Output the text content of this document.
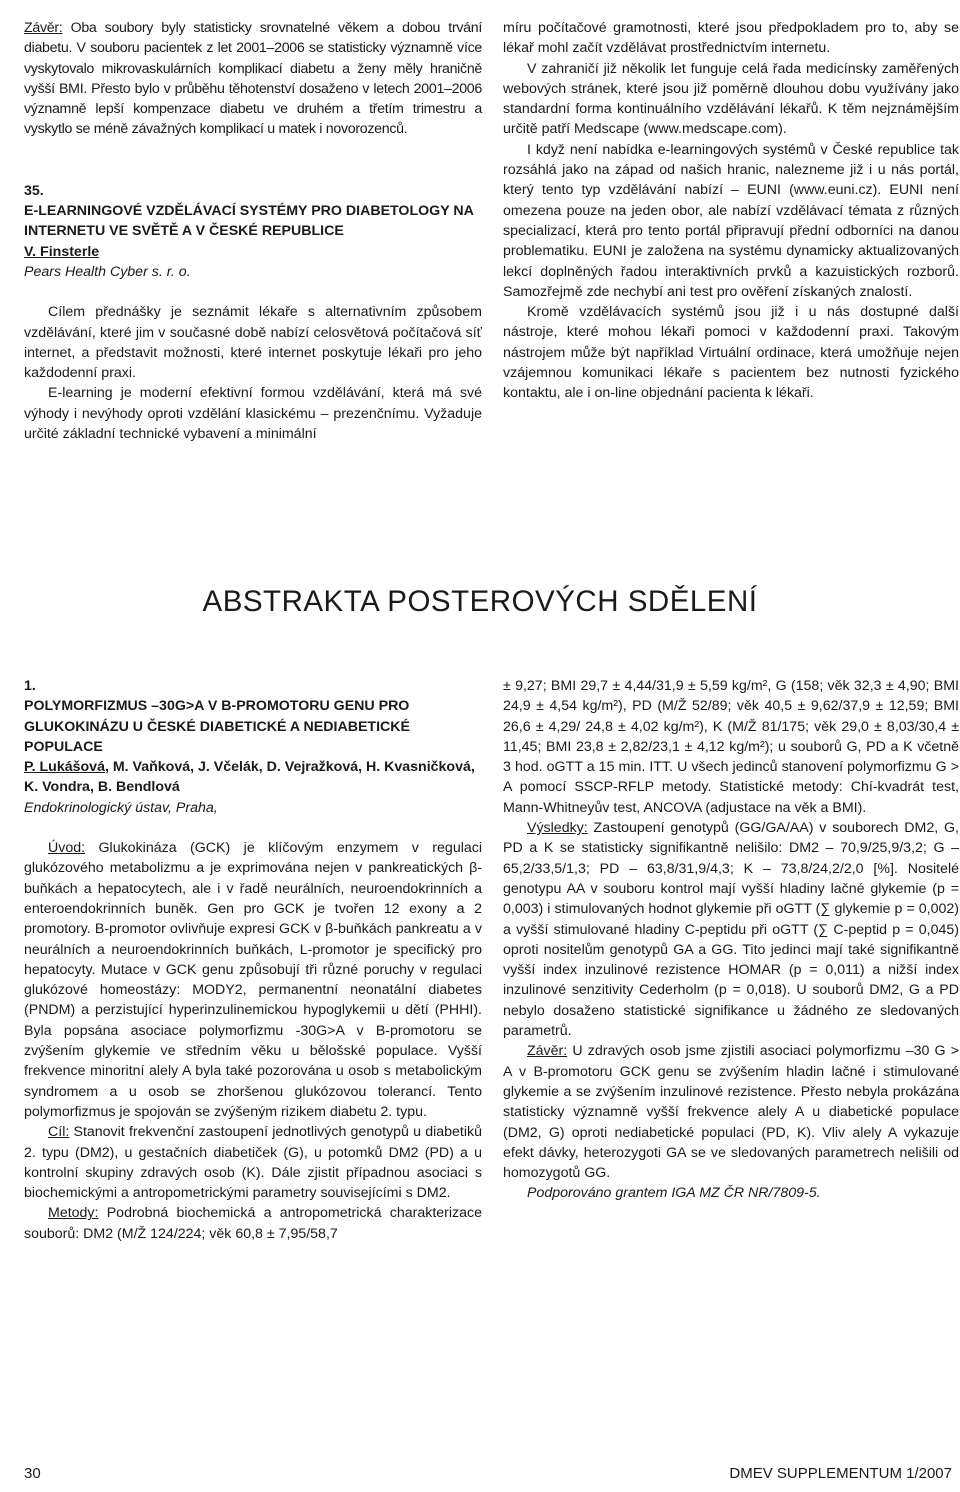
Závěr: Oba soubory byly statisticky srovnatelné věkem a dobou trvání diabetu. V souboru pacientek z let 2001–2006 se statisticky významně více vyskytovalo mikrovaskulárních komplikací diabetu a ženy měly hraničně vyšší BMI. Přesto bylo v průběhu těhotenství dosaženo v letech 2001–2006 významně lepší kompenzace diabetu ve druhém a třetím trimestru a vyskytlo se méně závažných komplikací u matek i novorozenců.

35.

E-LEARNINGOVÉ VZDĚLÁVACÍ SYSTÉMY PRO DIABETOLOGY NA INTERNETU VE SVĚTĚ A V ČESKÉ REPUBLICE

V. Finsterle

Pears Health Cyber s. r. o.

Cílem přednášky je seznámit lékaře s alternativním způsobem vzdělávání, které jim v současné době nabízí celosvětová počítačová síť internet, a představit možnosti, které internet poskytuje lékaři pro jeho každodenní praxi.

E-learning je moderní efektivní formou vzdělávání, která má své výhody i nevýhody oproti vzdělání klasickému – prezenčnímu. Vyžaduje určité základní technické vybavení a minimální

míru počítačové gramotnosti, které jsou předpokladem pro to, aby se lékař mohl začít vzdělávat prostřednictvím internetu.

V zahraničí již několik let funguje celá řada medicínsky zaměřených webových stránek, které jsou již poměrně dlouhou dobu využívány jako standardní forma kontinuálního vzdělávání lékařů. K těm nejznámějším určitě patří Medscape (www.medscape.com).

I když není nabídka e-learningových systémů v České republice tak rozsáhlá jako na západ od našich hranic, nalezneme již i u nás portál, který tento typ vzdělávání nabízí – EUNI (www.euni.cz). EUNI není omezena pouze na jeden obor, ale nabízí vzdělávací témata z různých specializací, která pro tento portál připravují přední odborníci na danou problematiku. EUNI je založena na systému dynamicky aktualizovaných lekcí doplněných řadou interaktivních prvků a kazuistických rozborů. Samozřejmě zde nechybí ani test pro ověření získaných znalostí.

Kromě vzdělávacích systémů jsou již i u nás dostupné další nástroje, které mohou lékaři pomoci v každodenní praxi. Takovým nástrojem může být například Virtuální ordinace, která umožňuje nejen vzájemnou komunikaci lékaře s pacientem bez nutnosti fyzického kontaktu, ale i on-line objednání pacienta k lékaři.

ABSTRAKTA POSTEROVÝCH SDĚLENÍ

1.

POLYMORFIZMUS –30G>A V B-PROMOTORU GENU PRO GLUKOKINÁZU U ČESKÉ DIABETICKÉ A NEDIABETICKÉ POPULACE

P. Lukášová, M. Vaňková, J. Včelák, D. Vejražková, H. Kvasničková, K. Vondra, B. Bendlová

Endokrinologický ústav, Praha,

Úvod: Glukokináza (GCK) je klíčovým enzymem v regulaci glukózového metabolizmu a je exprimována nejen v pankreatických β-buňkách a hepatocytech, ale i v řadě neurálních, neuroendokrinních a enteroendokrinních buněk. Gen pro GCK je tvořen 12 exony a 2 promotory. B-promotor ovlivňuje expresi GCK v β-buňkách pankreatu a v neurálních a neuroendokrinních buňkách, L-promotor je specifický pro hepatocyty. Mutace v GCK genu způsobují tři různé poruchy v regulaci glukózové homeostázy: MODY2, permanentní neonatální diabetes (PNDM) a perzistující hyperinzulinemickou hypoglykemii u dětí (PHHI). Byla popsána asociace polymorfizmu -30G>A v B-promotoru se zvýšením glykemie ve středním věku u bělošské populace. Vyšší frekvence minoritní alely A byla také pozorována u osob s metabolickým syndromem a u osob se zhoršenou glukózovou tolerancí. Tento polymorfizmus je spojován se zvýšeným rizikem diabetu 2. typu.

Cíl: Stanovit frekvenční zastoupení jednotlivých genotypů u diabetiků 2. typu (DM2), u gestačních diabetiček (G), u potomků DM2 (PD) a u kontrolní skupiny zdravých osob (K). Dále zjistit případnou asociaci s biochemickými a antropometrickými parametry souvisejícími s DM2.

Metody: Podrobná biochemická a antropometrická charakterizace souborů: DM2 (M/Ž 124/224; věk 60,8 ± 7,95/58,7

± 9,27; BMI 29,7 ± 4,44/31,9 ± 5,59 kg/m², G (158; věk 32,3 ± 4,90; BMI 24,9 ± 4,54 kg/m²), PD (M/Ž 52/89; věk 40,5 ± 9,62/37,9 ± 12,59; BMI 26,6 ± 4,29/ 24,8 ± 4,02 kg/m²), K (M/Ž 81/175; věk 29,0 ± 8,03/30,4 ± 11,45; BMI 23,8 ± 2,82/23,1 ± 4,12 kg/m²); u souborů G, PD a K včetně 3 hod. oGTT a 15 min. ITT. U všech jedinců stanovení polymorfizmu G > A pomocí SSCP-RFLP metody. Statistické metody: Chí-kvadrát test, Mann-Whitneyův test, ANCOVA (adjustace na věk a BMI).

Výsledky: Zastoupení genotypů (GG/GA/AA) v souborech DM2, G, PD a K se statisticky signifikantně nelišilo: DM2 – 70,9/25,9/3,2; G – 65,2/33,5/1,3; PD – 63,8/31,9/4,3; K – 73,8/24,2/2,0 [%]. Nositelé genotypu AA v souboru kontrol mají vyšší hladiny lačné glykemie (p = 0,003) i stimulovaných hodnot glykemie při oGTT (∑ glykemie p = 0,002) a vyšší stimulované hladiny C-peptidu při oGTT (∑ C-peptid p = 0,045) oproti nositelům genotypů GA a GG. Tito jedinci mají také signifikantně vyšší index inzulinové rezistence HOMAR (p = 0,011) a nižší index inzulinové senzitivity Cederholm (p = 0,018). U souborů DM2, G a PD nebylo dosaženo statistické signifikance u žádného ze sledovaných parametrů.

Závěr: U zdravých osob jsme zjistili asociaci polymorfizmu –30 G > A v B-promotoru GCK genu se zvýšením hladin lačné i stimulované glykemie a se zvýšením inzulinové rezistence. Přesto nebyla prokázána statisticky významně vyšší frekvence alely A u diabetické populace (DM2, G) oproti nediabetické populaci (PD, K). Vliv alely A vykazuje efekt dávky, heterozygoti GA se ve sledovaných parametrech nelišili od homozygotů GG.

Podporováno grantem IGA MZ ČR NR/7809-5.

30	DMEV SUPPLEMENTUM 1/2007
